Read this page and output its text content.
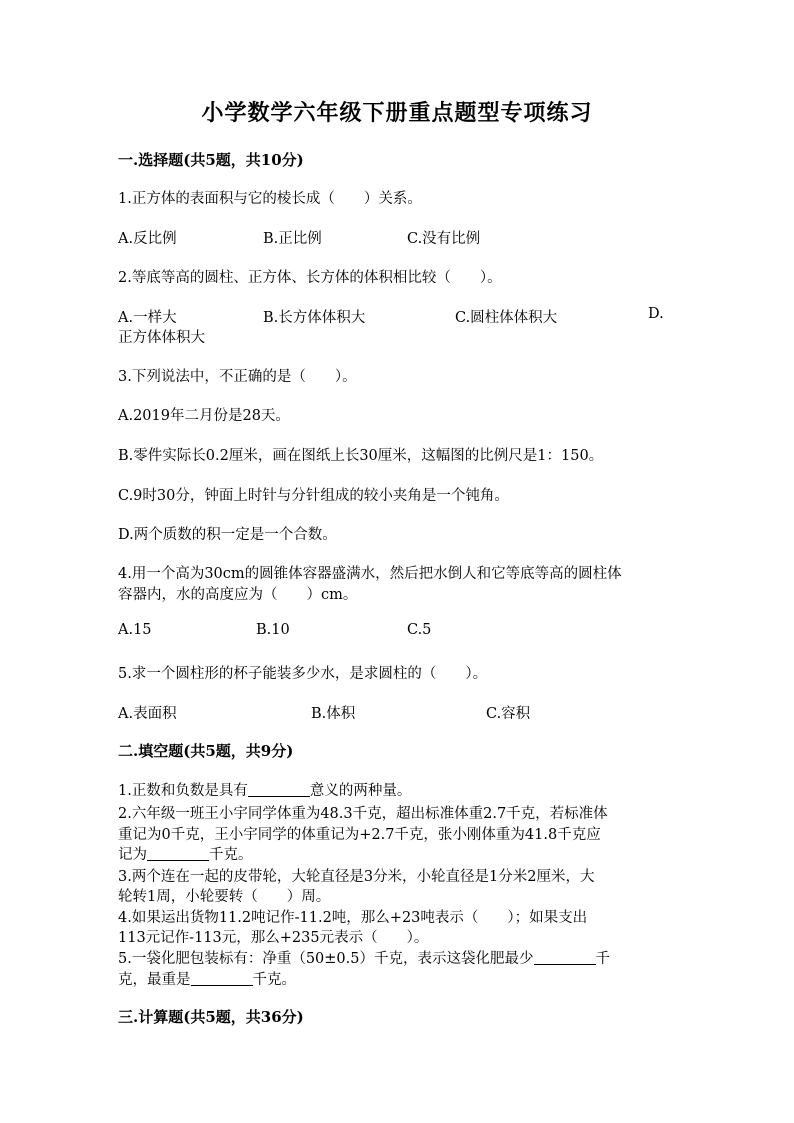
小学数学六年级下册重点题型专项练习
一.选择题(共5题，共10分)
1.正方体的表面积与它的棱长成（　　）关系。
A.反比例	B.正比例	C.没有比例
2.等底等高的圆柱、正方体、长方体的体积相比较（　　）。
A.一样大	B.长方体体积大	C.圆柱体体积大	D.
正方体体积大
3.下列说法中，不正确的是（　　）。
A.2019年二月份是28天。
B.零件实际长0.2厘米，画在图纸上长30厘米，这幅图的比例尺是1：150。
C.9时30分，钟面上时针与分针组成的较小夹角是一个钝角。
D.两个质数的积一定是一个合数。
4.用一个高为30cm的圆锥体容器盛满水，然后把水倒人和它等底等高的圆柱体
容器内，水的高度应为（　　）cm。
A.15	B.10	C.5
5.求一个圆柱形的杯子能装多少水，是求圆柱的（　　）。
A.表面积	B.体积	C.容积
二.填空题(共5题，共9分)
1.正数和负数是具有	意义的两种量。
2.六年级一班王小宇同学体重为48.3千克，超出标准体重2.7千克，若标准体
重记为0千克，王小宇同学的体重记为+2.7千克，张小刚体重为41.8千克应
记为	千克。
3.两个连在一起的皮带轮，大轮直径是3分米，小轮直径是1分米2厘米，大
轮转1周，小轮要转（　　）周。
4.如果运出货物11.2吨记作-11.2吨，那么+23吨表示（　　）；如果支出
113元记作-113元，那么+235元表示（　　）。
5.一袋化肥包装标有：净重（50±0.5）千克，表示这袋化肥最少	千
克，最重是	千克。
三.计算题(共5题，共36分)
